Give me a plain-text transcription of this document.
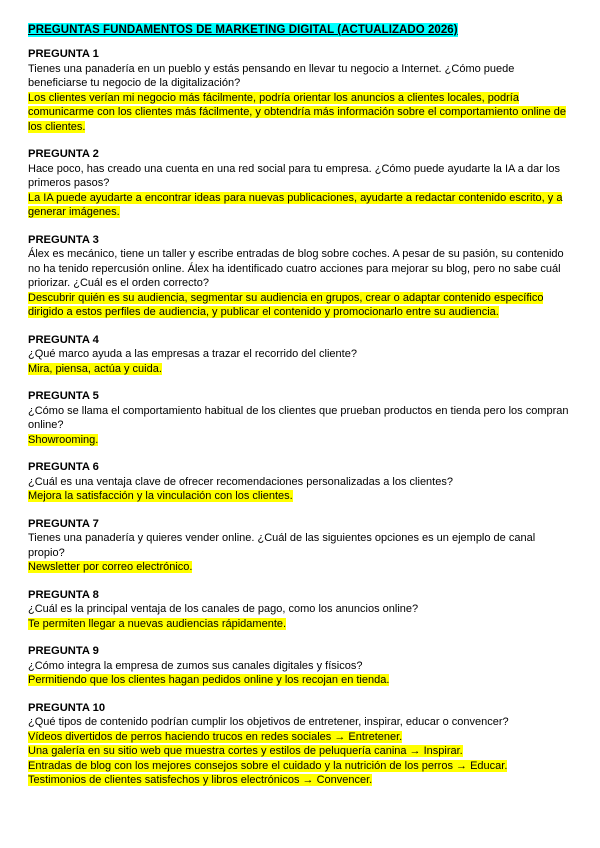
PREGUNTAS FUNDAMENTOS DE MARKETING DIGITAL (ACTUALIZADO 2026)

PREGUNTA 1

Tienes una panadería en un pueblo y estás pensando en llevar tu negocio a Internet. ¿Cómo puede beneficiarse tu negocio de la digitalización?

Los clientes verían mi negocio más fácilmente, podría orientar los anuncios a clientes locales, podría comunicarme con los clientes más fácilmente, y obtendría más información sobre el comportamiento online de los clientes.

PREGUNTA 2

Hace poco, has creado una cuenta en una red social para tu empresa. ¿Cómo puede ayudarte la IA a dar los primeros pasos?

La IA puede ayudarte a encontrar ideas para nuevas publicaciones, ayudarte a redactar contenido escrito, y a generar imágenes.

PREGUNTA 3

Álex es mecánico, tiene un taller y escribe entradas de blog sobre coches. A pesar de su pasión, su contenido no ha tenido repercusión online. Álex ha identificado cuatro acciones para mejorar su blog, pero no sabe cuál priorizar. ¿Cuál es el orden correcto?

Descubrir quién es su audiencia, segmentar su audiencia en grupos, crear o adaptar contenido específico dirigido a estos perfiles de audiencia, y publicar el contenido y promocionarlo entre su audiencia.

PREGUNTA 4

¿Qué marco ayuda a las empresas a trazar el recorrido del cliente?

Mira, piensa, actúa y cuida.

PREGUNTA 5

¿Cómo se llama el comportamiento habitual de los clientes que prueban productos en tienda pero los compran online?

Showrooming.

PREGUNTA 6

¿Cuál es una ventaja clave de ofrecer recomendaciones personalizadas a los clientes?

Mejora la satisfacción y la vinculación con los clientes.

PREGUNTA 7

Tienes una panadería y quieres vender online. ¿Cuál de las siguientes opciones es un ejemplo de canal propio?

Newsletter por correo electrónico.

PREGUNTA 8

¿Cuál es la principal ventaja de los canales de pago, como los anuncios online?

Te permiten llegar a nuevas audiencias rápidamente.

PREGUNTA 9

¿Cómo integra la empresa de zumos sus canales digitales y físicos?

Permitiendo que los clientes hagan pedidos online y los recojan en tienda.

PREGUNTA 10

¿Qué tipos de contenido podrían cumplir los objetivos de entretener, inspirar, educar o convencer?

Vídeos divertidos de perros haciendo trucos en redes sociales → Entretener.
Una galería en su sitio web que muestra cortes y estilos de peluquería canina → Inspirar.
Entradas de blog con los mejores consejos sobre el cuidado y la nutrición de los perros → Educar.
Testimonios de clientes satisfechos y libros electrónicos → Convencer.
